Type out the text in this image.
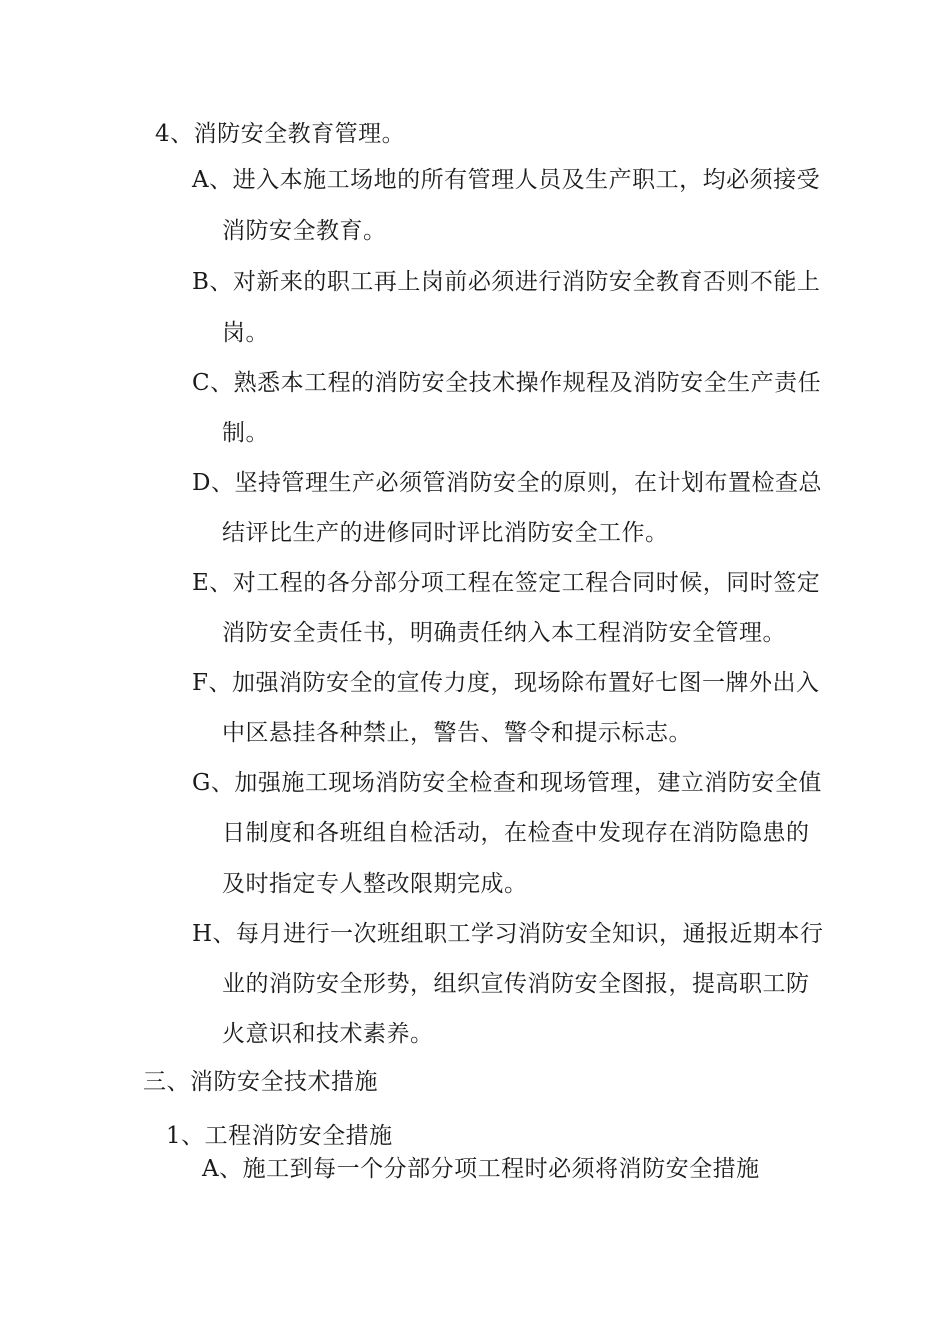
4、消防安全教育管理。
A、进入本施工场地的所有管理人员及生产职工，均必须接受
消防安全教育。
B、对新来的职工再上岗前必须进行消防安全教育否则不能上
岗。
C、熟悉本工程的消防安全技术操作规程及消防安全生产责任
制。
D、坚持管理生产必须管消防安全的原则，在计划布置检查总
结评比生产的进修同时评比消防安全工作。
E、对工程的各分部分项工程在签定工程合同时候，同时签定
消防安全责任书，明确责任纳入本工程消防安全管理。
F、加强消防安全的宣传力度，现场除布置好七图一牌外出入
中区悬挂各种禁止，警告、警令和提示标志。
G、加强施工现场消防安全检查和现场管理，建立消防安全值
日制度和各班组自检活动，在检查中发现存在消防隐患的
及时指定专人整改限期完成。
H、每月进行一次班组职工学习消防安全知识，通报近期本行
业的消防安全形势，组织宣传消防安全图报，提高职工防
火意识和技术素养。
三、消防安全技术措施
1、工程消防安全措施
A、施工到每一个分部分项工程时必须将消防安全措施
